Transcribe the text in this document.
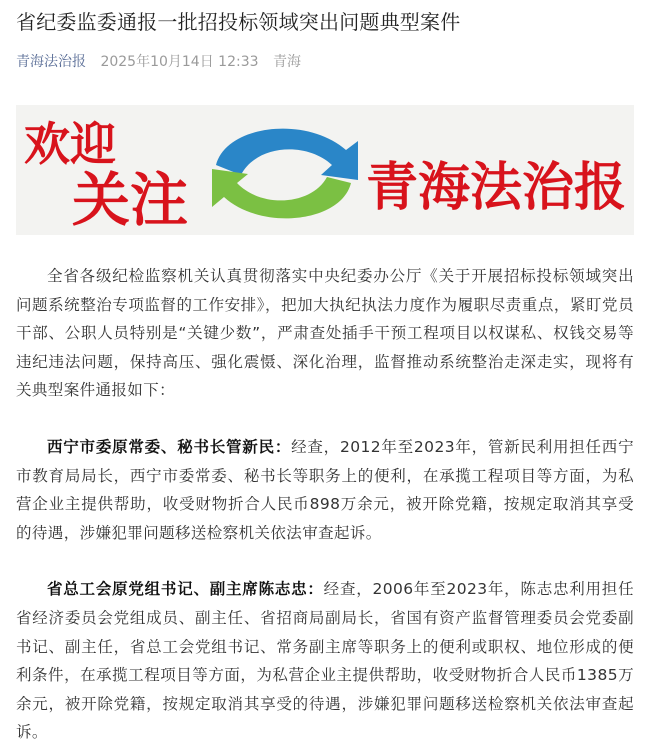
省纪委监委通报一批招投标领域突出问题典型案件
青海法治报 2025年10月14日 12:33 青海
欢迎
关注	青海法治报

全省各级纪检监察机关认真贯彻落实中央纪委办公厅《关于开展招标投标领域突出问题系统整治专项监督的工作安排》，把加大执纪执法力度作为履职尽责重点，紧盯党员干部、公职人员特别是“关键少数”，严肃查处插手干预工程项目以权谋私、权钱交易等违纪违法问题，保持高压、强化震慑、深化治理，监督推动系统整治走深走实，现将有关典型案件通报如下：

西宁市委原常委、秘书长管新民：经查，2012年至2023年，管新民利用担任西宁市教育局局长，西宁市委常委、秘书长等职务上的便利，在承揽工程项目等方面，为私营企业主提供帮助，收受财物折合人民币898万余元，被开除党籍，按规定取消其享受的待遇，涉嫌犯罪问题移送检察机关依法审查起诉。

省总工会原党组书记、副主席陈志忠：经查，2006年至2023年，陈志忠利用担任省经济委员会党组成员、副主任、省招商局副局长，省国有资产监督管理委员会党委副书记、副主任，省总工会党组书记、常务副主席等职务上的便利或职权、地位形成的便利条件，在承揽工程项目等方面，为私营企业主提供帮助，收受财物折合人民币1385万余元，被开除党籍，按规定取消其享受的待遇，涉嫌犯罪问题移送检察机关依法审查起诉。
